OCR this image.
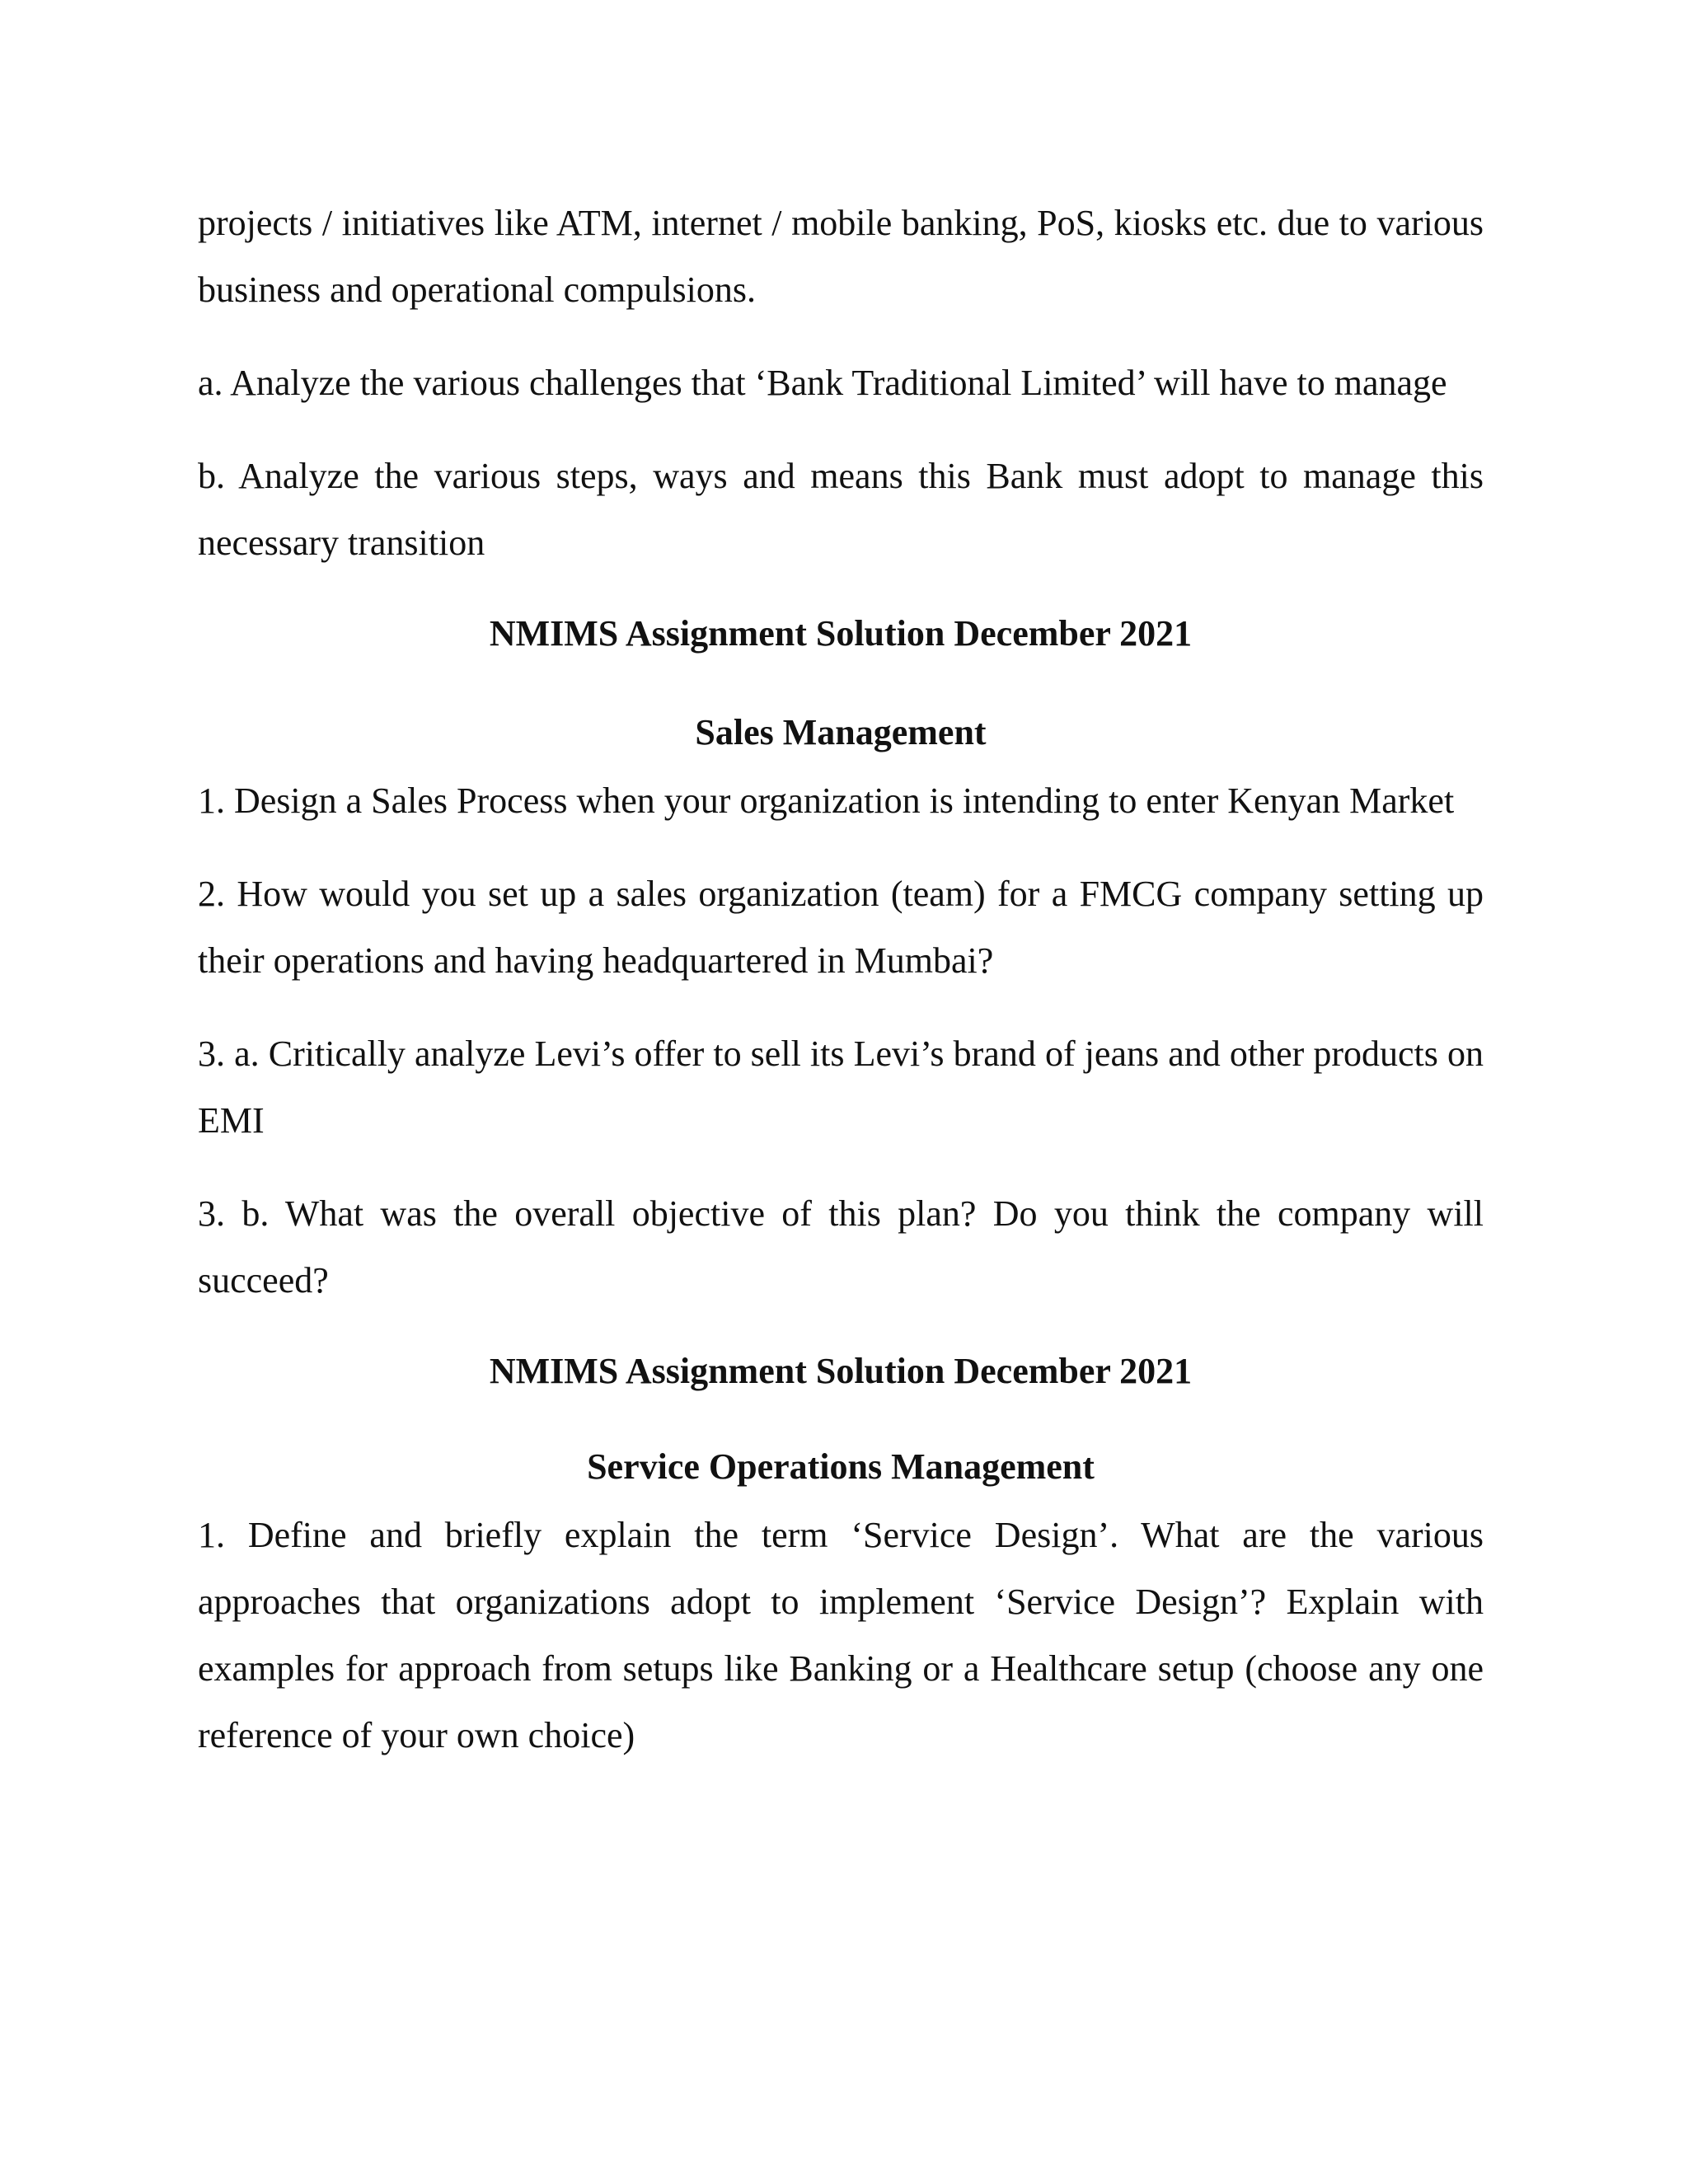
projects / initiatives like ATM, internet / mobile banking, PoS, kiosks etc. due to various business and operational compulsions.

a. Analyze the various challenges that ‘Bank Traditional Limited’ will have to manage

b. Analyze the various steps, ways and means this Bank must adopt to manage this necessary transition

NMIMS Assignment Solution December 2021

Sales Management

1. Design a Sales Process when your organization is intending to enter Kenyan Market

2. How would you set up a sales organization (team) for a FMCG company setting up their operations and having headquartered in Mumbai?

3. a. Critically analyze Levi’s offer to sell its Levi’s brand of jeans and other products on EMI

3. b. What was the overall objective of this plan? Do you think the company will succeed?

NMIMS Assignment Solution December 2021

Service Operations Management

1. Define and briefly explain the term ‘Service Design’. What are the various approaches that organizations adopt to implement ‘Service Design’? Explain with examples for approach from setups like Banking or a Healthcare setup (choose any one reference of your own choice)
